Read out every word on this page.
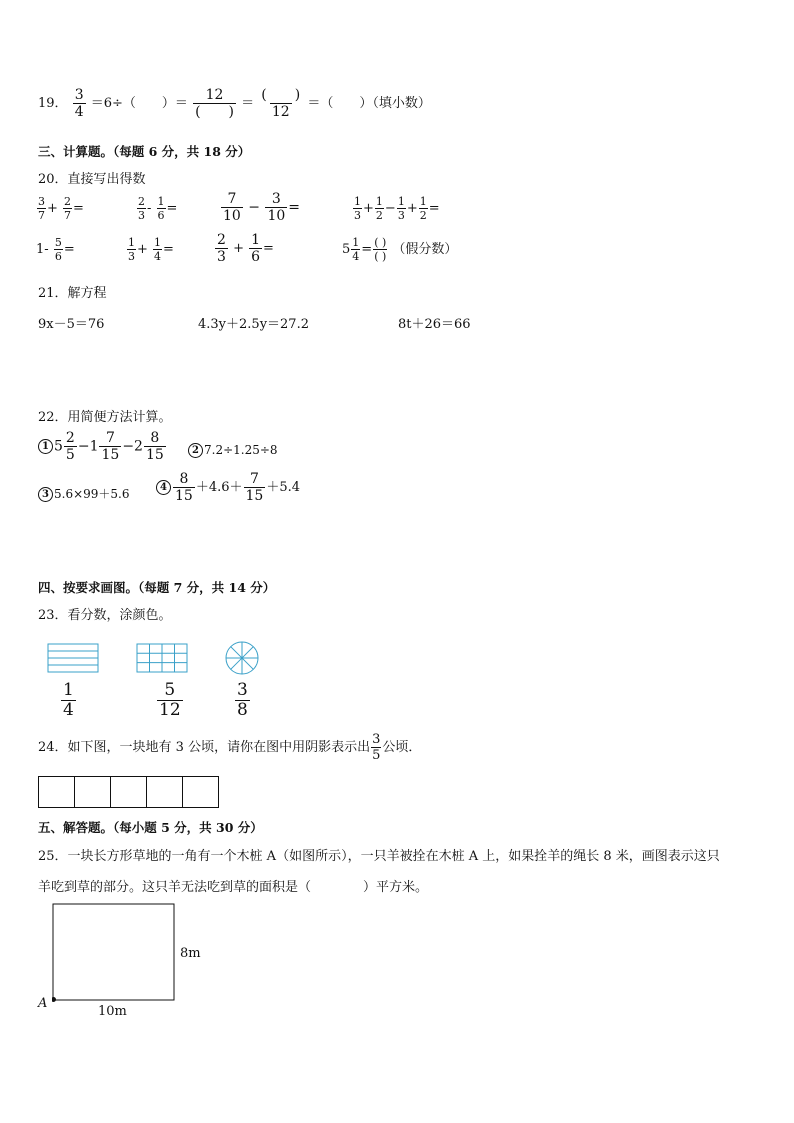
19． $\frac{3}{4} =6\div$（　　）＝ $\frac{12}{( )} = \frac{( )}{12}$ ＝（　　）（填小数）
三、计算题。（每题 6 分，共 18 分）
20．直接写出得数
$\frac{3}{7} + \frac{2}{7}$ =	$\frac{2}{3} - \frac{1}{6}$ =	$\frac{7}{10} - \frac{3}{10}$ =	$\frac{1}{3} + \frac{1}{2} - \frac{1}{3} + \frac{1}{2}$ =
$1- \frac{5}{6}$ =	$\frac{1}{3} + \frac{1}{4}$ =	$\frac{2}{3} + \frac{1}{6}$ =	$5 \frac{1}{4} = \frac{( )}{( )}$ （假分数）
21．解方程
9x－5＝76	4.3y＋2.5y＝27.2	8t＋26＝66
22．用简便方法计算。
1 $5 \frac{2}{5} -1 \frac{7}{15} -2 \frac{8}{15}$	2 7.2÷1.25÷8
3 5.6×99＋5.6	$4 \frac{8}{15} +4.6+ \frac{7}{15} +5.4$
四、按要求画图。（每题 7 分，共 14 分）
23．看分数，涂颜色。
$\frac{1}{4}$	$\frac{5}{12}$	$\frac{3}{8}$
24．如下图，一块地有 3 公顷，请你在图中用阴影表示出 $\frac{3}{5}$ 公顷．
五、解答题。（每小题 5 分，共 30 分）
25．一块长方形草地的一角有一个木桩 A（如图所示），一只羊被拴在木桩 A 上，如果拴羊的绳长 8 米，画图表示这只
羊吃到草的部分。这只羊无法吃到草的面积是（　　　　）平方米。
8m
10m
A
